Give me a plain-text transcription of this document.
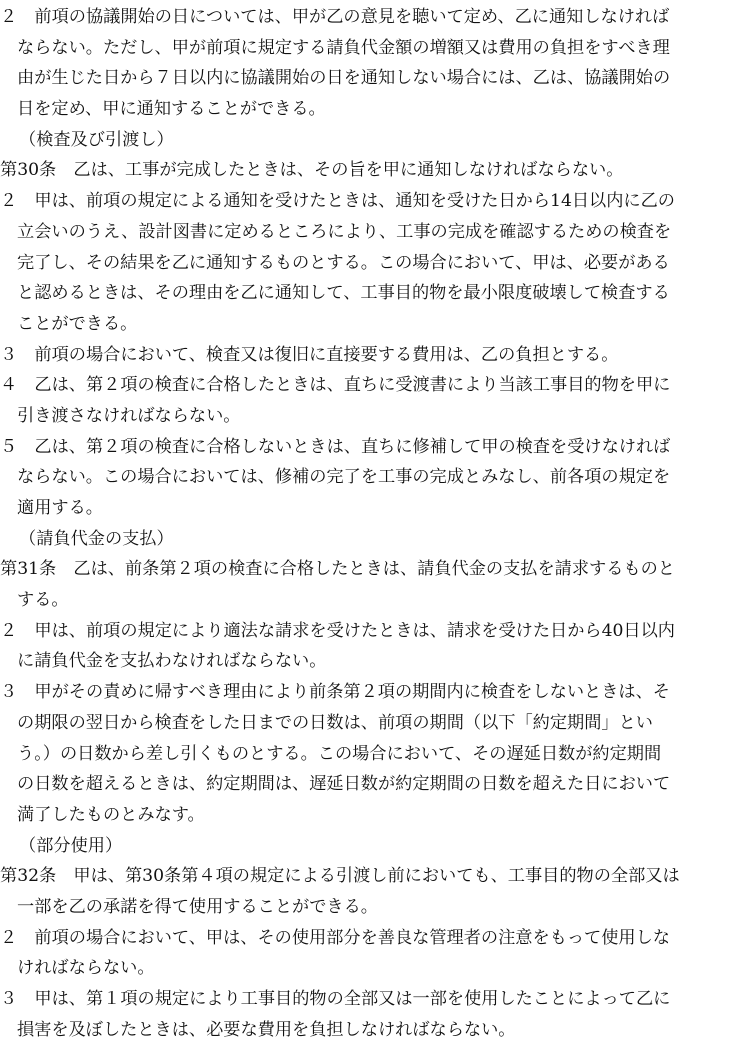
２　前項の協議開始の日については、甲が乙の意見を聴いて定め、乙に通知しなければ
ならない。ただし、甲が前項に規定する請負代金額の増額又は費用の負担をすべき理
由が生じた日から７日以内に協議開始の日を通知しない場合には、乙は、協議開始の
日を定め、甲に通知することができる。
（検査及び引渡し）
第30条　乙は、工事が完成したときは、その旨を甲に通知しなければならない。
２　甲は、前項の規定による通知を受けたときは、通知を受けた日から14日以内に乙の
立会いのうえ、設計図書に定めるところにより、工事の完成を確認するための検査を
完了し、その結果を乙に通知するものとする。この場合において、甲は、必要がある
と認めるときは、その理由を乙に通知して、工事目的物を最小限度破壊して検査する
ことができる。
３　前項の場合において、検査又は復旧に直接要する費用は、乙の負担とする。
４　乙は、第２項の検査に合格したときは、直ちに受渡書により当該工事目的物を甲に
引き渡さなければならない。
５　乙は、第２項の検査に合格しないときは、直ちに修補して甲の検査を受けなければ
ならない。この場合においては、修補の完了を工事の完成とみなし、前各項の規定を
適用する。
（請負代金の支払）
第31条　乙は、前条第２項の検査に合格したときは、請負代金の支払を請求するものと
する。
２　甲は、前項の規定により適法な請求を受けたときは、請求を受けた日から40日以内
に請負代金を支払わなければならない。
３　甲がその責めに帰すべき理由により前条第２項の期間内に検査をしないときは、そ
の期限の翌日から検査をした日までの日数は、前項の期間（以下「約定期間」とい
う。）の日数から差し引くものとする。この場合において、その遅延日数が約定期間
の日数を超えるときは、約定期間は、遅延日数が約定期間の日数を超えた日において
満了したものとみなす。
（部分使用）
第32条　甲は、第30条第４項の規定による引渡し前においても、工事目的物の全部又は
一部を乙の承諾を得て使用することができる。
２　前項の場合において、甲は、その使用部分を善良な管理者の注意をもって使用しな
ければならない。
３　甲は、第１項の規定により工事目的物の全部又は一部を使用したことによって乙に
損害を及ぼしたときは、必要な費用を負担しなければならない。
